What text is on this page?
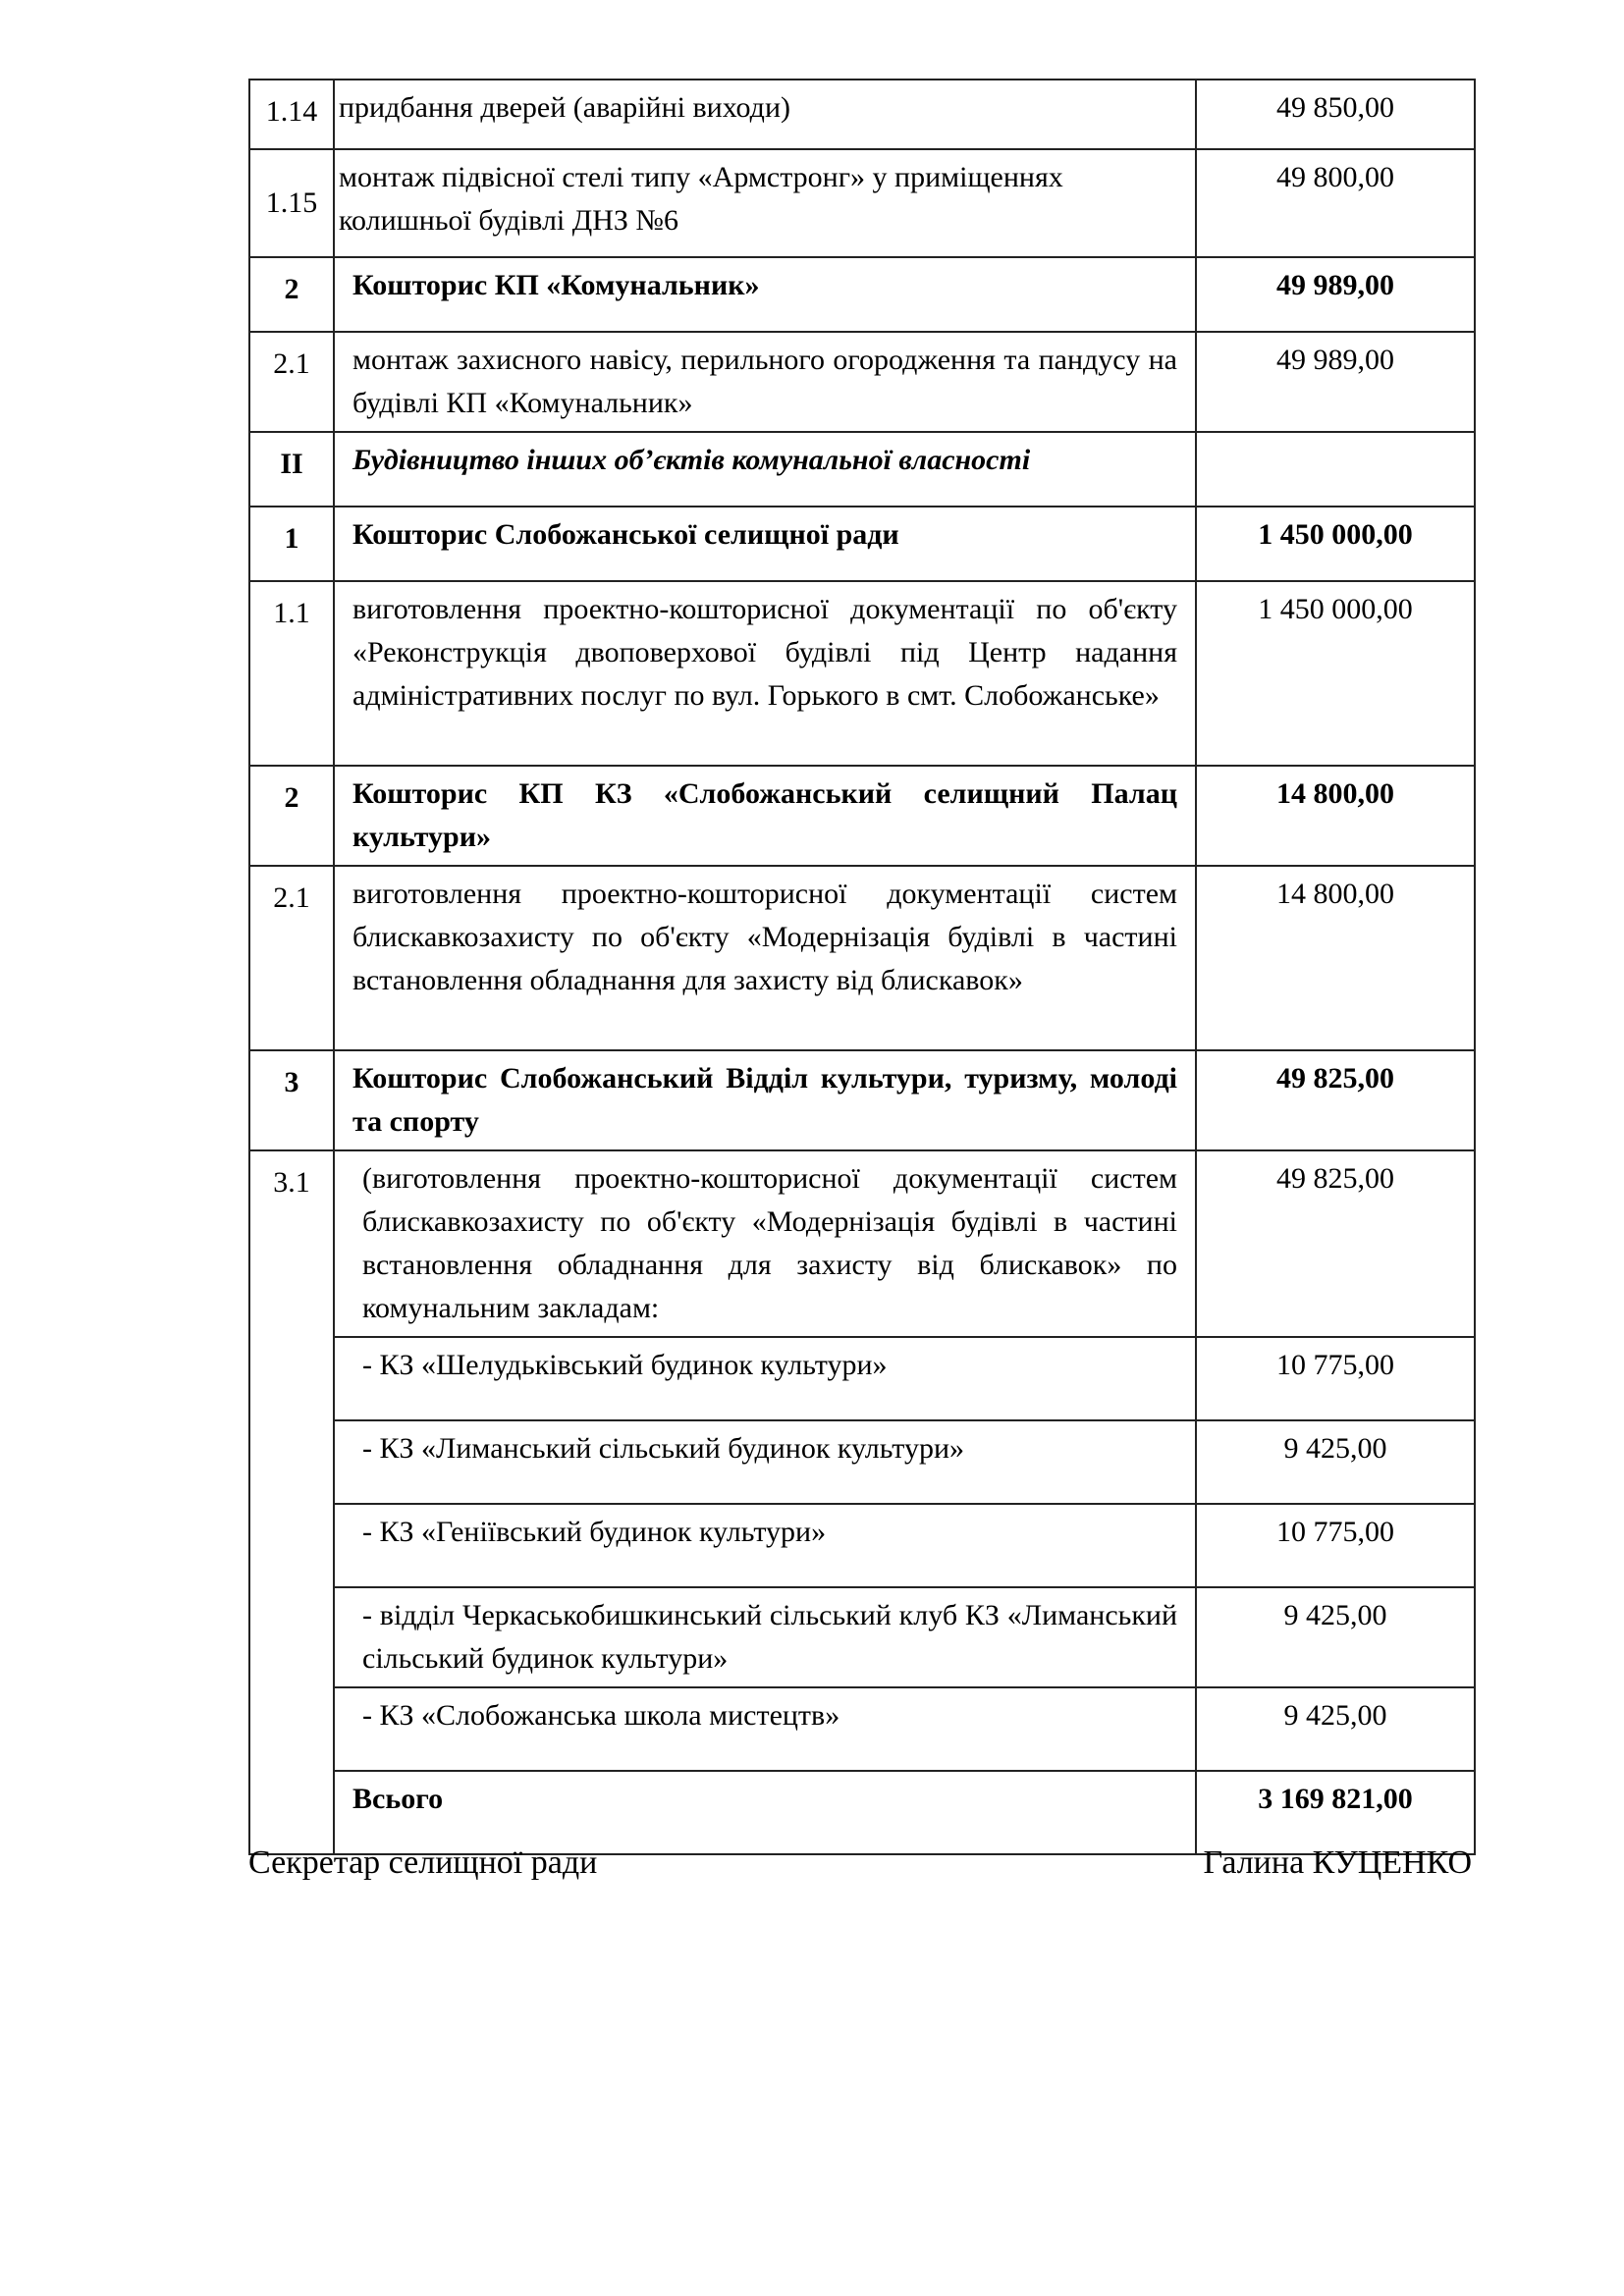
1.14	придбання дверей (аварійні виходи)	49 850,00
1.15	монтаж підвісної стелі типу «Армстронг» у приміщеннях колишньої будівлі ДНЗ №6	49 800,00
2	Кошторис КП «Комунальник»	49 989,00
2.1	монтаж захисного навісу, перильного огородження та пандусу на будівлі КП «Комунальник»	49 989,00
ІІ	Будівництво інших об’єктів комунальної власності	

1	Кошторис Слобожанської селищної ради	1 450 000,00
1.1	виготовлення проектно-кошторисної документації по об'єкту «Реконструкція двоповерхової будівлі під Центр надання адміністративних послуг по вул. Горького в смт. Слобожанське»	1 450 000,00
2	Кошторис КП КЗ «Слобожанський селищний Палац культури»	14 800,00
2.1	виготовлення проектно-кошторисної документації систем блискавкозахисту по об'єкту «Модернізація будівлі в частині встановлення обладнання для захисту від блискавок»	14 800,00
3	Кошторис Слобожанський Відділ культури, туризму, молоді та спорту	49 825,00
3.1	(виготовлення проектно-кошторисної документації систем блискавкозахисту по об'єкту «Модернізація будівлі в частині встановлення обладнання для захисту від блискавок» по комунальним закладам:	49 825,00

	- КЗ «Шелудьківський будинок культури»	10 775,00

	- КЗ «Лиманський сільський будинок культури»	9 425,00

	- КЗ «Геніївський будинок культури»	10 775,00

	- відділ Черкаськобишкинський сільський клуб КЗ «Лиманський сільський будинок культури»	9 425,00

	- КЗ «Слобожанська школа мистецтв»	9 425,00

	Всього	3 169 821,00
Секретар селищної ради	Галина КУЦЕНКО
